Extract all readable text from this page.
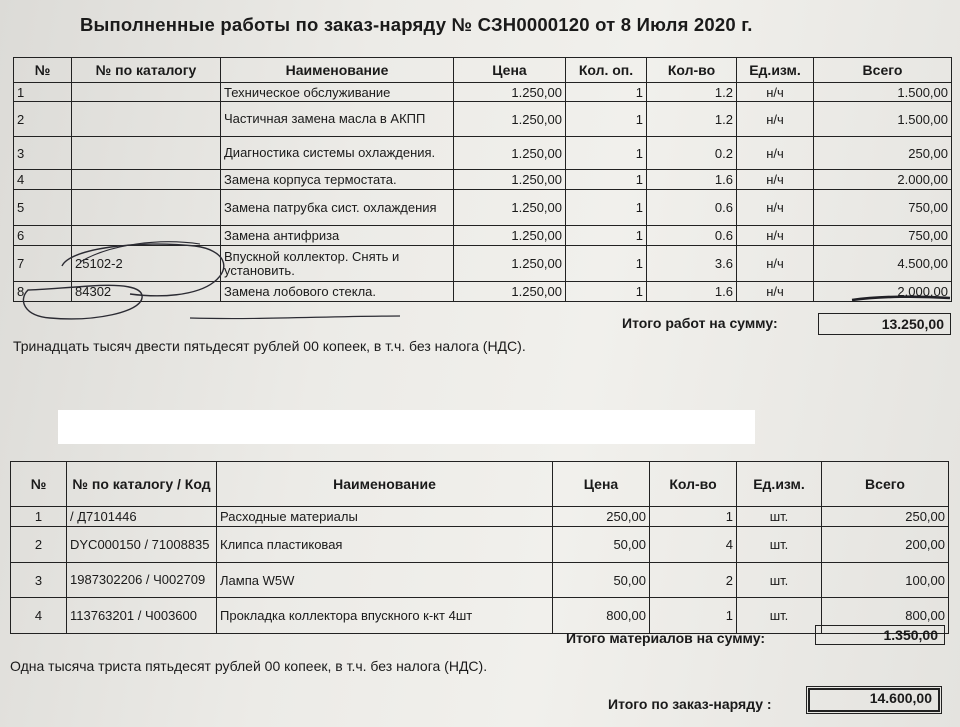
Выполненные работы по заказ-наряду № СЗН0000120 от 8 Июля 2020 г.
№	№ по каталогу	Наименование	Цена	Кол. оп.	Кол-во	Ед.изм.	Всего
1		Техническое обслуживание	1.250,00	1	1.2	н/ч	1.500,00
2		Частичная замена масла в АКПП	1.250,00	1	1.2	н/ч	1.500,00
3		Диагностика системы охлаждения.	1.250,00	1	0.2	н/ч	250,00
4		Замена корпуса термостата.	1.250,00	1	1.6	н/ч	2.000,00
5		Замена патрубка сист. охлаждения	1.250,00	1	0.6	н/ч	750,00
6		Замена антифриза	1.250,00	1	0.6	н/ч	750,00
7	25102-2	Впускной коллектор. Снять и установить.	1.250,00	1	3.6	н/ч	4.500,00
8	84302	Замена лобового стекла.	1.250,00	1	1.6	н/ч	2.000,00
Итого работ на сумму:	13.250,00
Тринадцать тысяч двести пятьдесят рублей 00 копеек, в т.ч. без налога (НДС).
№	№ по каталогу / Код	Наименование	Цена	Кол-во	Ед.изм.	Всего
1	/ Д7101446	Расходные материалы	250,00	1	шт.	250,00
2	DYC000150 / 71008835	Клипса пластиковая	50,00	4	шт.	200,00
3	1987302206 / Ч002709	Лампа W5W	50,00	2	шт.	100,00
4	113763201 / Ч003600	Прокладка коллектора впускного к-кт 4шт	800,00	1	шт.	800,00
Итого материалов на сумму:	1.350,00
Одна тысяча триста пятьдесят рублей 00 копеек, в т.ч. без налога (НДС).
Итого по заказ-наряду :	14.600,00
